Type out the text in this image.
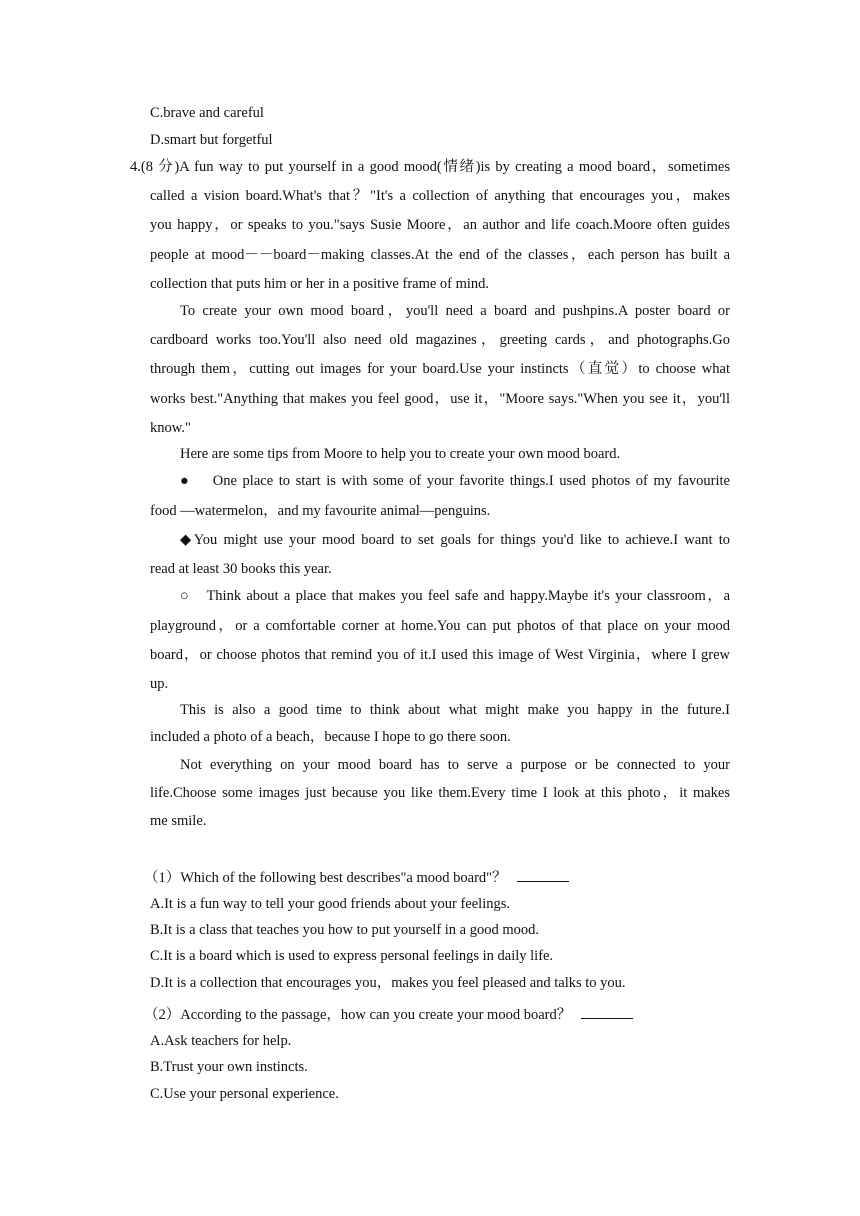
C.brave and careful
D.smart but forgetful
4.(8 分)A fun way to put yourself in a good mood(情绪)is by creating a mood board，sometimes
called a vision board.What's that？"It's a collection of anything that encourages you，makes
you happy，or speaks to you."says Susie Moore，an author and life coach.Moore often guides
people at mood－－board－making classes.At the end of the classes，each person has built a
collection that puts him or her in a positive frame of mind.
To create your own mood board，you'll need a board and pushpins.A poster board or
cardboard works too.You'll also need old magazines，greeting cards，and photographs.Go
through them，cutting out images for your board.Use your instincts（直觉）to choose what
works best."Anything that makes you feel good，use it，"Moore says."When you see it，you'll
know."
Here are some tips from Moore to help you to create your own mood board.
● One place to start is with some of your favorite things.I used photos of my favourite
food —watermelon，and my favourite animal—penguins.
◆You might use your mood board to set goals for things you'd like to achieve.I want to
read at least 30 books this year.
○ Think about a place that makes you feel safe and happy.Maybe it's your classroom，a
playground，or a comfortable corner at home.You can put photos of that place on your mood
board，or choose photos that remind you of it.I used this image of West Virginia，where I grew
up.
This is also a good time to think about what might make you happy in the future.I
included a photo of a beach，because I hope to go there soon.
Not everything on your mood board has to serve a purpose or be connected to your
life.Choose some images just because you like them.Every time I look at this photo，it makes
me smile.
（1）Which of the following best describes"a mood board"？
A.It is a fun way to tell your good friends about your feelings.
B.It is a class that teaches you how to put yourself in a good mood.
C.It is a board which is used to express personal feelings in daily life.
D.It is a collection that encourages you，makes you feel pleased and talks to you.
（2）According to the passage，how can you create your mood board？
A.Ask teachers for help.
B.Trust your own instincts.
C.Use your personal experience.
